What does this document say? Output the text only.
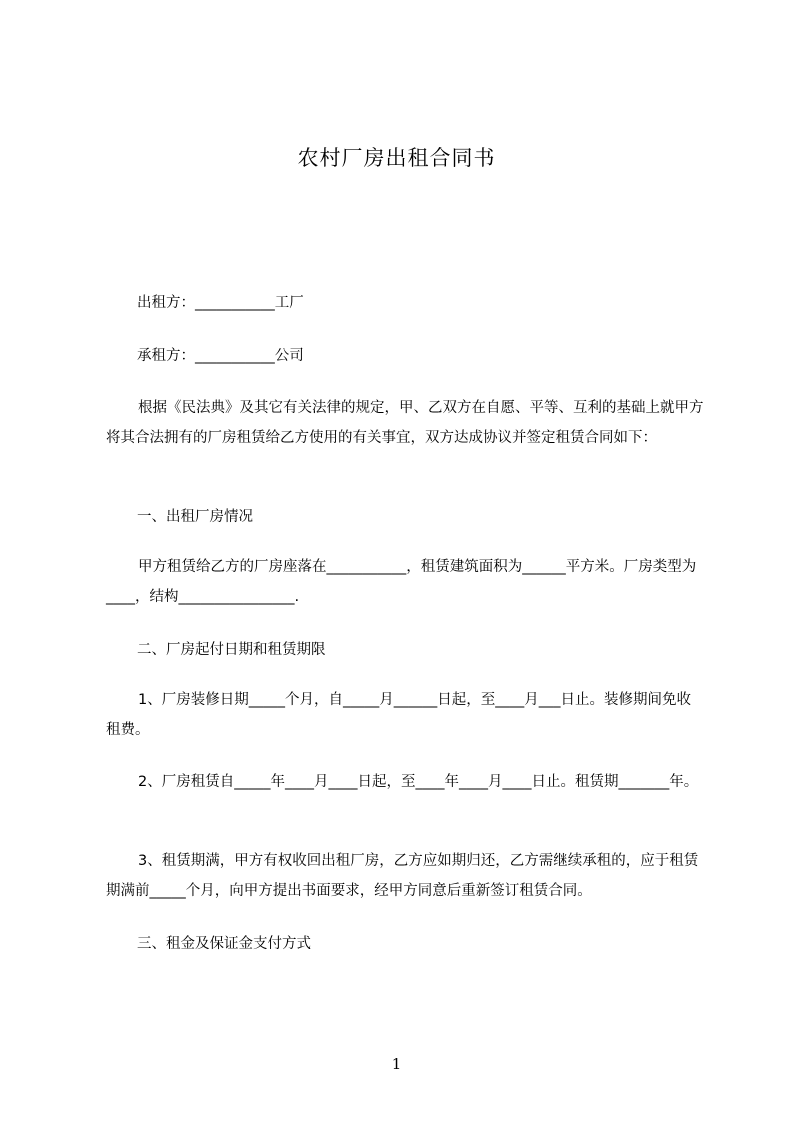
农村厂房出租合同书
出租方：___________工厂
承租方：___________公司
根据《民法典》及其它有关法律的规定，甲、乙双方在自愿、平等、互利的基础上就甲方将其合法拥有的厂房租赁给乙方使用的有关事宜，双方达成协议并签定租赁合同如下：
一、出租厂房情况
甲方租赁给乙方的厂房座落在___________，租赁建筑面积为______平方米。厂房类型为____，结构________________.
二、厂房起付日期和租赁期限
1、厂房装修日期_____个月，自_____月______日起，至____月___日止。装修期间免收租费。
2、厂房租赁自_____年____月____日起，至____年____月____日止。租赁期_______年。
3、租赁期满，甲方有权收回出租厂房，乙方应如期归还，乙方需继续承租的，应于租赁期满前_____个月，向甲方提出书面要求，经甲方同意后重新签订租赁合同。
三、租金及保证金支付方式
1
